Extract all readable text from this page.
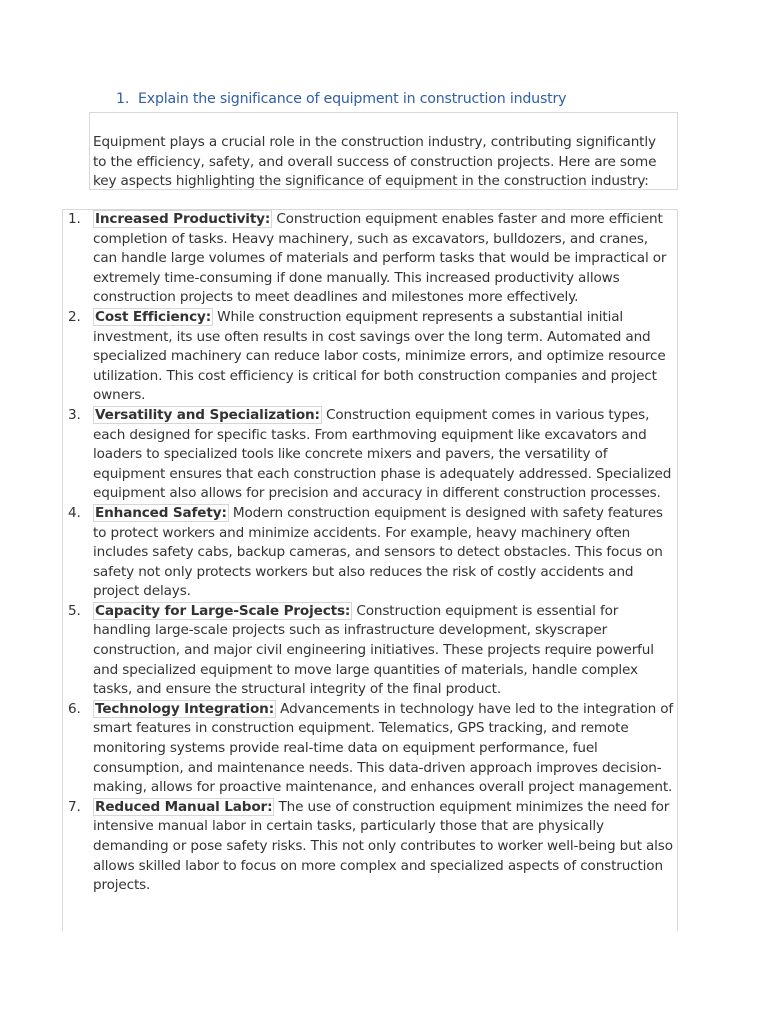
1. Explain the significance of equipment in construction industry
Equipment plays a crucial role in the construction industry, contributing significantly to the efficiency, safety, and overall success of construction projects. Here are some key aspects highlighting the significance of equipment in the construction industry:
1.	Increased Productivity: Construction equipment enables faster and more efficient completion of tasks. Heavy machinery, such as excavators, bulldozers, and cranes, can handle large volumes of materials and perform tasks that would be impractical or extremely time-consuming if done manually. This increased productivity allows construction projects to meet deadlines and milestones more effectively.
2.	Cost Efficiency: While construction equipment represents a substantial initial investment, its use often results in cost savings over the long term. Automated and specialized machinery can reduce labor costs, minimize errors, and optimize resource utilization. This cost efficiency is critical for both construction companies and project owners.
3.	Versatility and Specialization: Construction equipment comes in various types, each designed for specific tasks. From earthmoving equipment like excavators and loaders to specialized tools like concrete mixers and pavers, the versatility of equipment ensures that each construction phase is adequately addressed. Specialized equipment also allows for precision and accuracy in different construction processes.
4.	Enhanced Safety: Modern construction equipment is designed with safety features to protect workers and minimize accidents. For example, heavy machinery often includes safety cabs, backup cameras, and sensors to detect obstacles. This focus on safety not only protects workers but also reduces the risk of costly accidents and project delays.
5.	Capacity for Large-Scale Projects: Construction equipment is essential for handling large-scale projects such as infrastructure development, skyscraper construction, and major civil engineering initiatives. These projects require powerful and specialized equipment to move large quantities of materials, handle complex tasks, and ensure the structural integrity of the final product.
6.	Technology Integration: Advancements in technology have led to the integration of smart features in construction equipment. Telematics, GPS tracking, and remote monitoring systems provide real-time data on equipment performance, fuel consumption, and maintenance needs. This data-driven approach improves decision-making, allows for proactive maintenance, and enhances overall project management.
7.	Reduced Manual Labor: The use of construction equipment minimizes the need for intensive manual labor in certain tasks, particularly those that are physically demanding or pose safety risks. This not only contributes to worker well-being but also allows skilled labor to focus on more complex and specialized aspects of construction projects.
